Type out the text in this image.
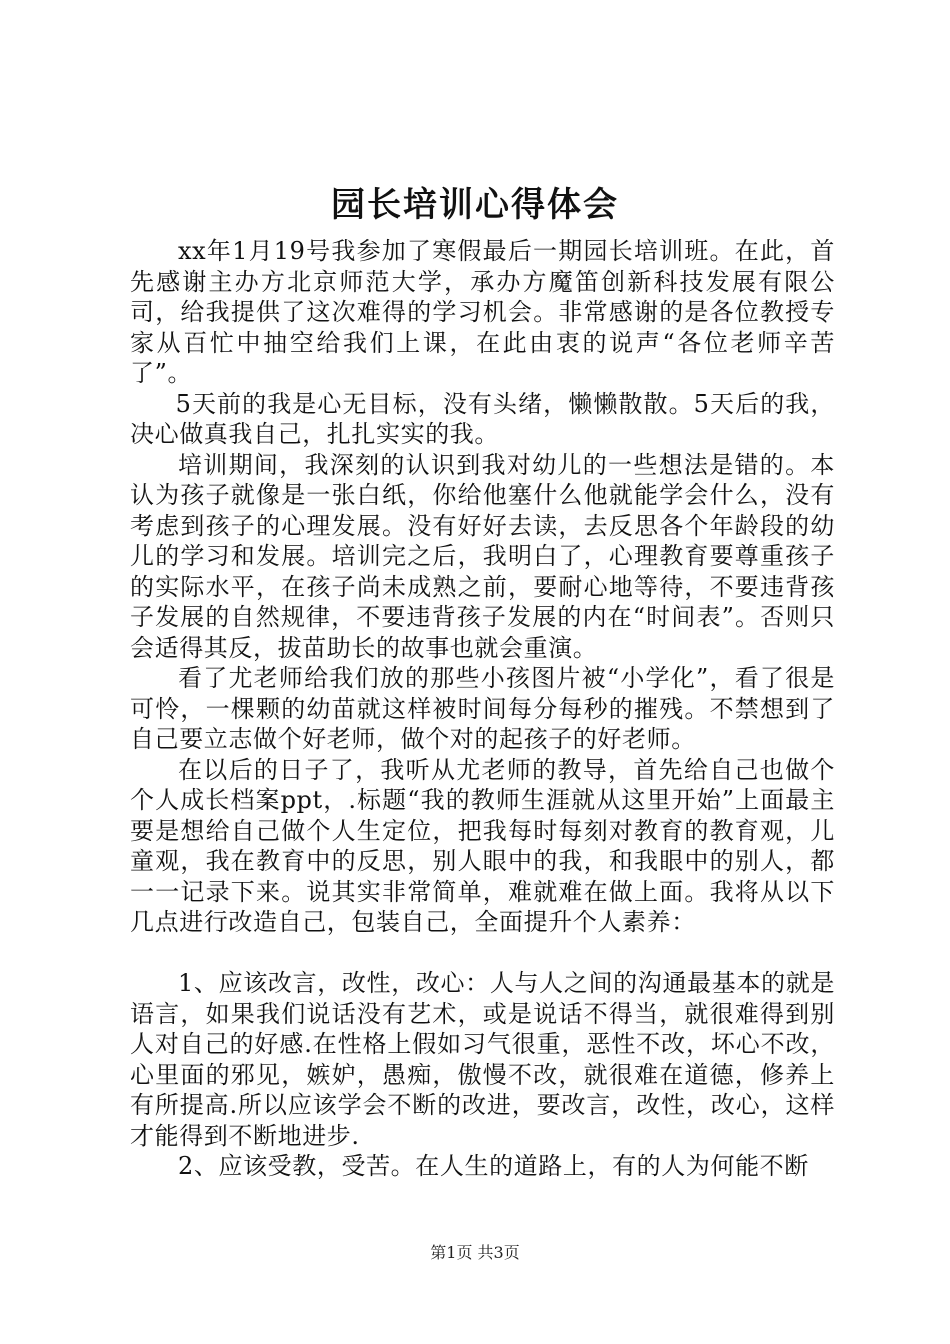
园长培训心得体会

xx年1月19号我参加了寒假最后一期园长培训班。在此，首先感谢主办方北京师范大学，承办方魔笛创新科技发展有限公司，给我提供了这次难得的学习机会。非常感谢的是各位教授专家从百忙中抽空给我们上课，在此由衷的说声“各位老师辛苦了”。

5天前的我是心无目标，没有头绪，懒懒散散。5天后的我，决心做真我自己，扎扎实实的我。

培训期间，我深刻的认识到我对幼儿的一些想法是错的。本认为孩子就像是一张白纸，你给他塞什么他就能学会什么，没有考虑到孩子的心理发展。没有好好去读，去反思各个年龄段的幼儿的学习和发展。培训完之后，我明白了，心理教育要尊重孩子的实际水平，在孩子尚未成熟之前，要耐心地等待，不要违背孩子发展的自然规律，不要违背孩子发展的内在“时间表”。否则只会适得其反，拔苗助长的故事也就会重演。

看了尤老师给我们放的那些小孩图片被“小学化”，看了很是可怜，一棵颗的幼苗就这样被时间每分每秒的摧残。不禁想到了自己要立志做个好老师，做个对的起孩子的好老师。

在以后的日子了，我听从尤老师的教导，首先给自己也做个个人成长档案ppt，.标题“我的教师生涯就从这里开始”上面最主要是想给自己做个人生定位，把我每时每刻对教育的教育观，儿童观，我在教育中的反思，别人眼中的我，和我眼中的别人，都一一记录下来。说其实非常简单，难就难在做上面。我将从以下几点进行改造自己，包装自己，全面提升个人素养：

1、应该改言，改性，改心：人与人之间的沟通最基本的就是语言，如果我们说话没有艺术，或是说话不得当，就很难得到别人对自己的好感.在性格上假如习气很重，恶性不改，坏心不改，心里面的邪见，嫉妒，愚痴，傲慢不改，就很难在道德，修养上有所提高.所以应该学会不断的改进，要改言，改性，改心，这样才能得到不断地进步.

2、应该受教，受苦。在人生的道路上，有的人为何能不断

第1页 共3页
